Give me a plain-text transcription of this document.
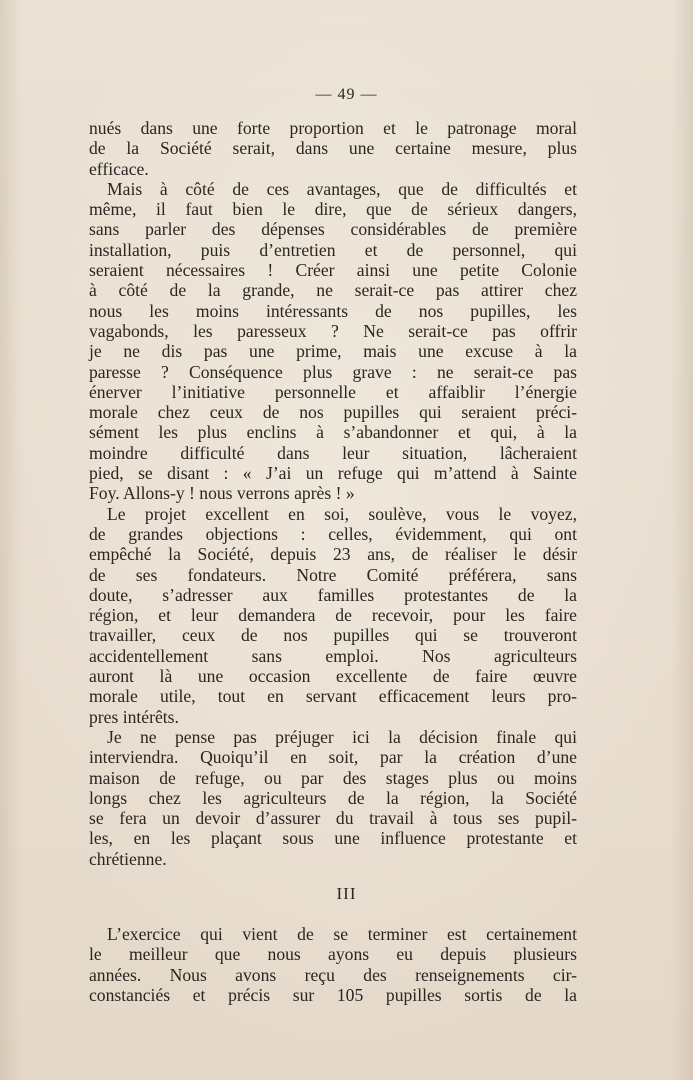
— 49 —
nués dans une forte proportion et le patronage moral
de la Société serait, dans une certaine mesure, plus
efficace.
Mais à côté de ces avantages, que de difficultés et
même, il faut bien le dire, que de sérieux dangers,
sans parler des dépenses considérables de première
installation, puis d’entretien et de personnel, qui
seraient nécessaires ! Créer ainsi une petite Colonie
à côté de la grande, ne serait-ce pas attirer chez
nous les moins intéressants de nos pupilles, les
vagabonds, les paresseux ? Ne serait-ce pas offrir
je ne dis pas une prime, mais une excuse à la
paresse ? Conséquence plus grave : ne serait-ce pas
énerver l’initiative personnelle et affaiblir l’énergie
morale chez ceux de nos pupilles qui seraient préci-
sément les plus enclins à s’abandonner et qui, à la
moindre difficulté dans leur situation, lâcheraient
pied, se disant : « J’ai un refuge qui m’attend à Sainte
Foy. Allons-y ! nous verrons après ! »
Le projet excellent en soi, soulève, vous le voyez,
de grandes objections : celles, évidemment, qui ont
empêché la Société, depuis 23 ans, de réaliser le désir
de ses fondateurs. Notre Comité préférera, sans
doute, s’adresser aux familles protestantes de la
région, et leur demandera de recevoir, pour les faire
travailler, ceux de nos pupilles qui se trouveront
accidentellement sans emploi. Nos agriculteurs
auront là une occasion excellente de faire œuvre
morale utile, tout en servant efficacement leurs pro-
pres intérêts.
Je ne pense pas préjuger ici la décision finale qui
interviendra. Quoiqu’il en soit, par la création d’une
maison de refuge, ou par des stages plus ou moins
longs chez les agriculteurs de la région, la Société
se fera un devoir d’assurer du travail à tous ses pupil-
les, en les plaçant sous une influence protestante et
chrétienne.
III
L’exercice qui vient de se terminer est certainement
le meilleur que nous ayons eu depuis plusieurs
années. Nous avons reçu des renseignements cir-
constanciés et précis sur 105 pupilles sortis de la
